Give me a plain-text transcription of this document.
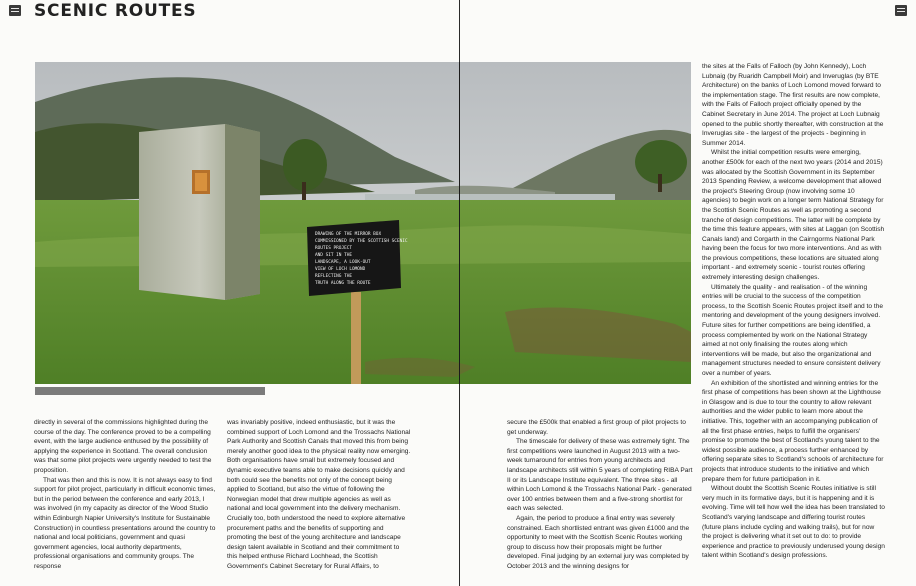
SCENIC ROUTES
DRAWING OF THE MIRROR BOX
COMMISSIONED BY THE SCOTTISH SCENIC
ROUTES PROJECT
AND SIT IN THE
LANDSCAPE, A LOOK-OUT
VIEW OF LOCH LOMOND
REFLECTING THE
TRUTH ALONG THE ROUTE

directly in several of the commissions highlighted during the course of the day. The conference proved to be a compelling event, with the large audience enthused by the possibility of applying the experience in Scotland. The overall conclusion was that some pilot projects were urgently needed to test the proposition.

That was then and this is now. It is not always easy to find support for pilot project, particularly in difficult economic times, but in the period between the conference and early 2013, I was involved (in my capacity as director of the Wood Studio within Edinburgh Napier University's Institute for Sustainable Construction) in countless presentations around the country to national and local politicians, government and quasi government agencies, local authority departments, professional organisations and community groups. The response

was invariably positive, indeed enthusiastic, but it was the combined support of Loch Lomond and the Trossachs National Park Authority and Scottish Canals that moved this from being merely another good idea to the physical reality now emerging. Both organisations have small but extremely focused and dynamic executive teams able to make decisions quickly and both could see the benefits not only of the concept being applied to Scotland, but also the virtue of following the Norwegian model that drew multiple agencies as well as national and local government into the delivery mechanism. Crucially too, both understood the need to explore alternative procurement paths and the benefits of supporting and promoting the best of the young architecture and landscape design talent available in Scotland and their commitment to this helped enthuse Richard Lochhead, the Scottish Government's Cabinet Secretary for Rural Affairs, to

secure the £500k that enabled a first group of pilot projects to get underway.

The timescale for delivery of these was extremely tight. The first competitions were launched in August 2013 with a two-week turnaround for entries from young architects and landscape architects still within 5 years of completing RIBA Part II or its Landscape Institute equivalent. The three sites - all within Loch Lomond & the Trossachs National Park - generated over 100 entries between them and a five-strong shortlist for each was selected.

Again, the period to produce a final entry was severely constrained. Each shortlisted entrant was given £1000 and the opportunity to meet with the Scottish Scenic Routes working group to discuss how their proposals might be further developed. Final judging by an external jury was completed by October 2013 and the winning designs for

the sites at the Falls of Falloch (by John Kennedy), Loch Lubnaig (by Ruaridh Campbell Moir) and Inveruglas (by BTE Architecture) on the banks of Loch Lomond moved forward to the implementation stage. The first results are now complete, with the Falls of Falloch project officially opened by the Cabinet Secretary in June 2014. The project at Loch Lubnaig opened to the public shortly thereafter, with construction at the Inveruglas site - the largest of the projects - beginning in Summer 2014.

Whilst the initial competition results were emerging, another £500k for each of the next two years (2014 and 2015) was allocated by the Scottish Government in its September 2013 Spending Review, a welcome development that allowed the project's Steering Group (now involving some 10 agencies) to begin work on a longer term National Strategy for the Scottish Scenic Routes as well as promoting a second tranche of design competitions. The latter will be complete by the time this feature appears, with sites at Laggan (on Scottish Canals land) and Corgarth in the Cairngorms National Park having been the focus for two more interventions. And as with the previous competitions, these locations are situated along important - and extremely scenic - tourist routes offering extremely interesting design challenges.

Ultimately the quality - and realisation - of the winning entries will be crucial to the success of the competition process, to the Scottish Scenic Routes project itself and to the mentoring and development of the young designers involved. Future sites for further competitions are being identified, a process complemented by work on the National Strategy aimed at not only finalising the routes along which interventions will be made, but also the organizational and management structures needed to ensure consistent delivery over a number of years.

An exhibition of the shortlisted and winning entries for the first phase of competitions has been shown at the Lighthouse in Glasgow and is due to tour the country to allow relevant authorities and the wider public to learn more about the initiative. This, together with an accompanying publication of all the first phase entries, helps to fulfill the organisers' promise to promote the best of Scotland's young talent to the widest possible audience, a process further enhanced by offering separate sites to Scotland's schools of architecture for projects that introduce students to the initiative and which prepare them for future participation in it.

Without doubt the Scottish Scenic Routes initiative is still very much in its formative days, but it is happening and it is evolving. Time will tell how well the idea has been translated to Scotland's varying landscape and differing tourist routes (future plans include cycling and walking trails), but for now the project is delivering what it set out to do: to provide experience and practice to previously underused young design talent within Scotland's design professions.
